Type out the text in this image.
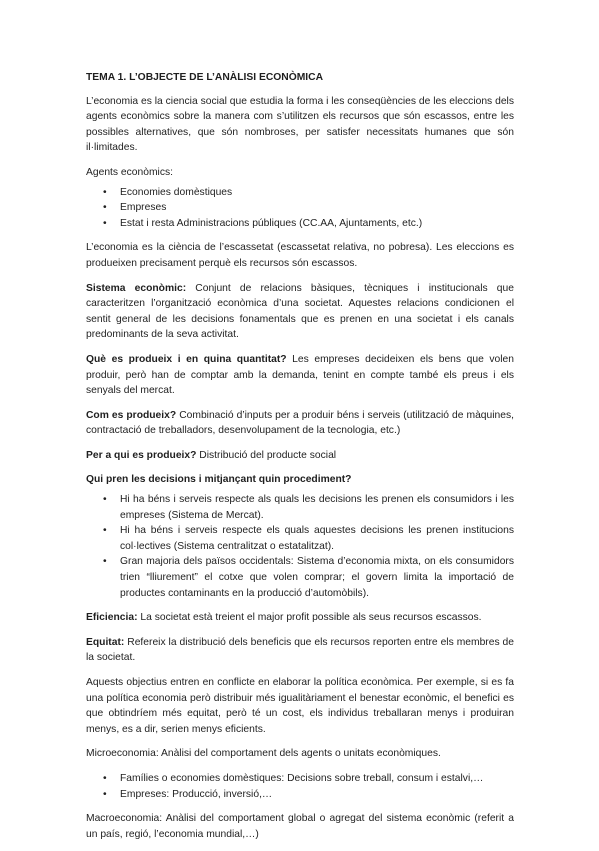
TEMA 1. L’OBJECTE DE L’ANÀLISI ECONÒMICA

L’economia es la ciencia social que estudia la forma i les conseqüències de les eleccions dels agents econòmics sobre la manera com s’utilitzen els recursos que són escassos, entre les possibles alternatives, que són nombroses, per satisfer necessitats humanes que són il·limitades.

Agents econòmics:

• Economies domèstiques
• Empreses
• Estat i resta Administracions públiques (CC.AA, Ajuntaments, etc.)

L’economia es la ciència de l’escassetat (escassetat relativa, no pobresa). Les eleccions es produeixen precisament perquè els recursos són escassos.

Sistema econòmic: Conjunt de relacions bàsiques, tècniques i institucionals que caracteritzen l’organització econòmica d’una societat. Aquestes relacions condicionen el sentit general de les decisions fonamentals que es prenen en una societat i els canals predominants de la seva activitat.

Què es produeix i en quina quantitat? Les empreses decideixen els bens que volen produir, però han de comptar amb la demanda, tenint en compte també els preus i els senyals del mercat.

Com es produeix? Combinació d’inputs per a produir béns i serveis (utilització de màquines, contractació de treballadors, desenvolupament de la tecnologia, etc.)

Per a qui es produeix? Distribució del producte social

Qui pren les decisions i mitjançant quin procediment?

• Hi ha béns i serveis respecte als quals les decisions les prenen els consumidors i les empreses (Sistema de Mercat).
• Hi ha béns i serveis respecte els quals aquestes decisions les prenen institucions col·lectives (Sistema centralitzat o estatalitzat).
• Gran majoria dels països occidentals: Sistema d’economia mixta, on els consumidors trien “lliurement” el cotxe que volen comprar; el govern limita la importació de productes contaminants en la producció d’automòbils).

Eficiencia: La societat està treient el major profit possible als seus recursos escassos.

Equitat: Refereix la distribució dels beneficis que els recursos reporten entre els membres de la societat.

Aquests objectius entren en conflicte en elaborar la política econòmica. Per exemple, si es fa una política economia però distribuir més igualitàriament el benestar econòmic, el benefici es que obtindríem més equitat, però té un cost, els individus treballaran menys i produiran menys, es a dir, serien menys eficients.

Microeconomia: Anàlisi del comportament dels agents o unitats econòmiques.

• Famílies o economies domèstiques: Decisions sobre treball, consum i estalvi,…
• Empreses: Producció, inversió,…

Macroeconomia: Anàlisi del comportament global o agregat del sistema econòmic (referit a un país, regió, l’economia mundial,…)
